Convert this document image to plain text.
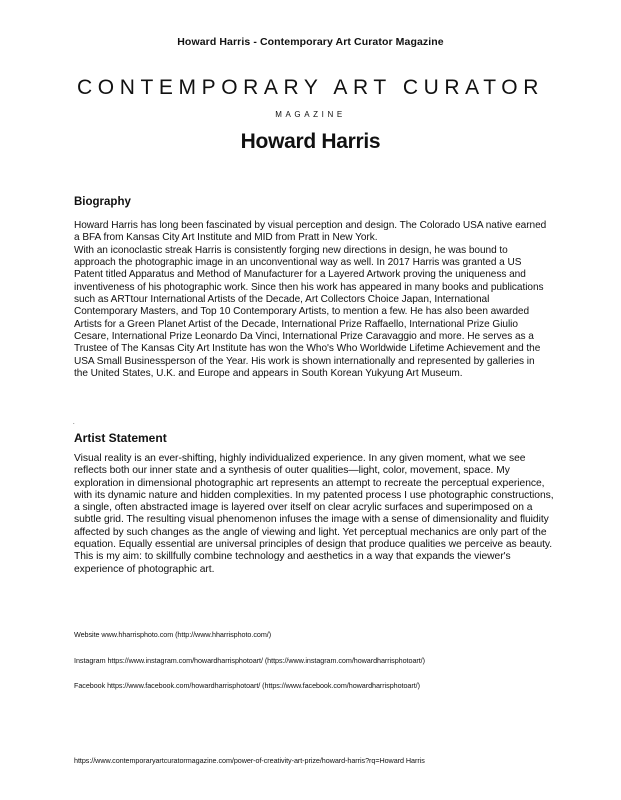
Howard Harris - Contemporary Art Curator Magazine
CONTEMPORARY ART CURATOR
MAGAZINE
Howard Harris
Biography

Howard Harris has long been fascinated by visual perception and design. The Colorado USA native earned a BFA from Kansas City Art Institute and MID from Pratt in New York.
With an iconoclastic streak Harris is consistently forging new directions in design, he was bound to approach the photographic image in an unconventional way as well. In 2017 Harris was granted a US Patent titled Apparatus and Method of Manufacturer for a Layered Artwork proving the uniqueness and inventiveness of his photographic work. Since then his work has appeared in many books and publications such as ARTtour International Artists of the Decade, Art Collectors Choice Japan, International Contemporary Masters, and Top 10 Contemporary Artists, to mention a few. He has also been awarded Artists for a Green Planet Artist of the Decade, International Prize Raffaello, International Prize Giulio Cesare, International Prize Leonardo Da Vinci, International Prize Caravaggio and more. He serves as a Trustee of The Kansas City Art Institute has won the Who's Who Worldwide Lifetime Achievement and the USA Small Businessperson of the Year. His work is shown internationally and represented by galleries in the United States, U.K. and Europe and appears in South Korean Yukyung Art Museum.

.
Artist Statement

Visual reality is an ever-shifting, highly individualized experience. In any given moment, what we see reflects both our inner state and a synthesis of outer qualities—light, color, movement, space. My exploration in dimensional photographic art represents an attempt to recreate the perceptual experience, with its dynamic nature and hidden complexities. In my patented process I use photographic constructions, a single, often abstracted image is layered over itself on clear acrylic surfaces and superimposed on a subtle grid. The resulting visual phenomenon infuses the image with a sense of dimensionality and fluidity affected by such changes as the angle of viewing and light. Yet perceptual mechanics are only part of the equation. Equally essential are universal principles of design that produce qualities we perceive as beauty. This is my aim: to skillfully combine technology and aesthetics in a way that expands the viewer's experience of photographic art.

Website www.hharrisphoto.com (http://www.hharrisphoto.com/)
Instagram https://www.instagram.com/howardharrisphotoart/ (https://www.instagram.com/howardharrisphotoart/)
Facebook https://www.facebook.com/howardharrisphotoart/ (https://www.facebook.com/howardharrisphotoart/)
https://www.contemporaryartcuratormagazine.com/power-of-creativity-art-prize/howard-harris?rq=Howard Harris
